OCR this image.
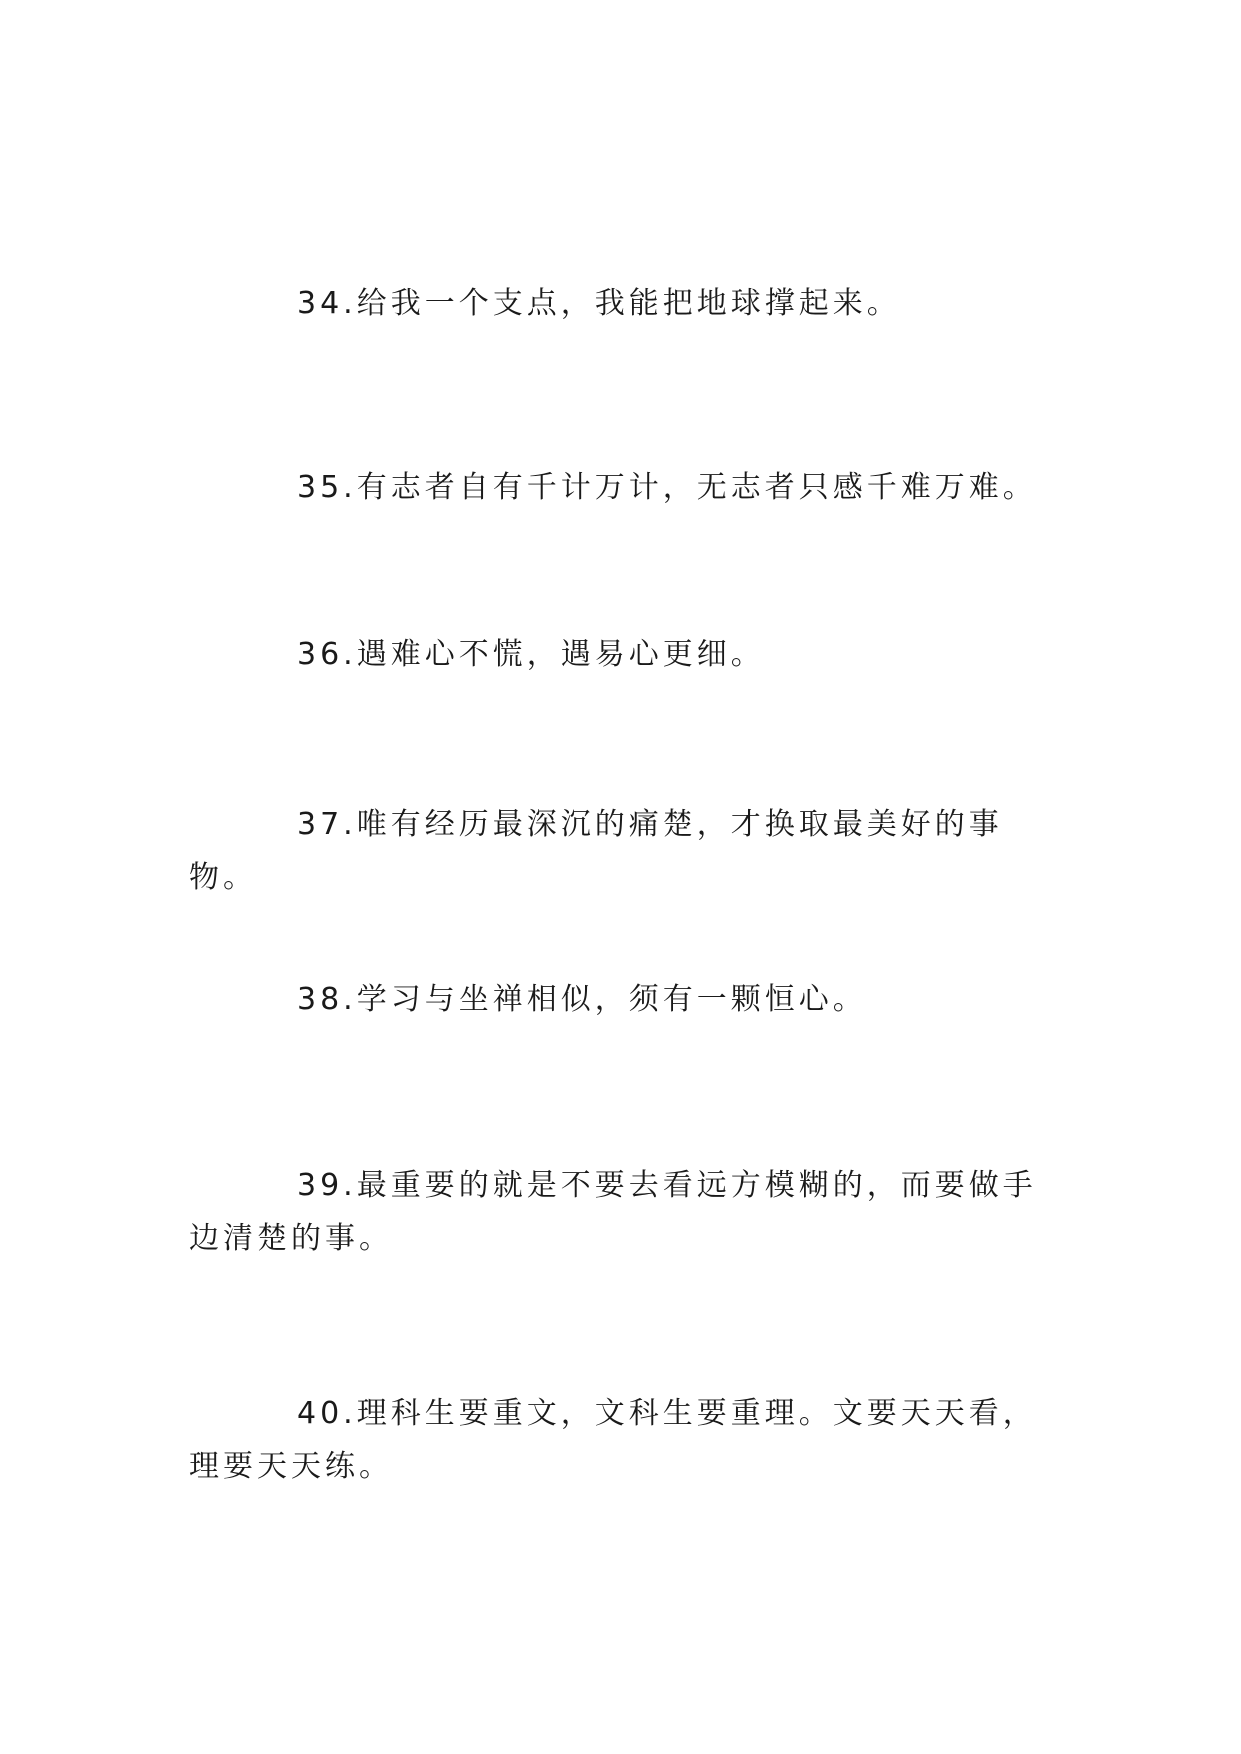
34.给我一个支点，我能把地球撑起来。

35.有志者自有千计万计，无志者只感千难万难。

36.遇难心不慌，遇易心更细。

37.唯有经历最深沉的痛楚，才换取最美好的事物。

38.学习与坐禅相似，须有一颗恒心。

39.最重要的就是不要去看远方模糊的，而要做手边清楚的事。

40.理科生要重文，文科生要重理。文要天天看，理要天天练。
